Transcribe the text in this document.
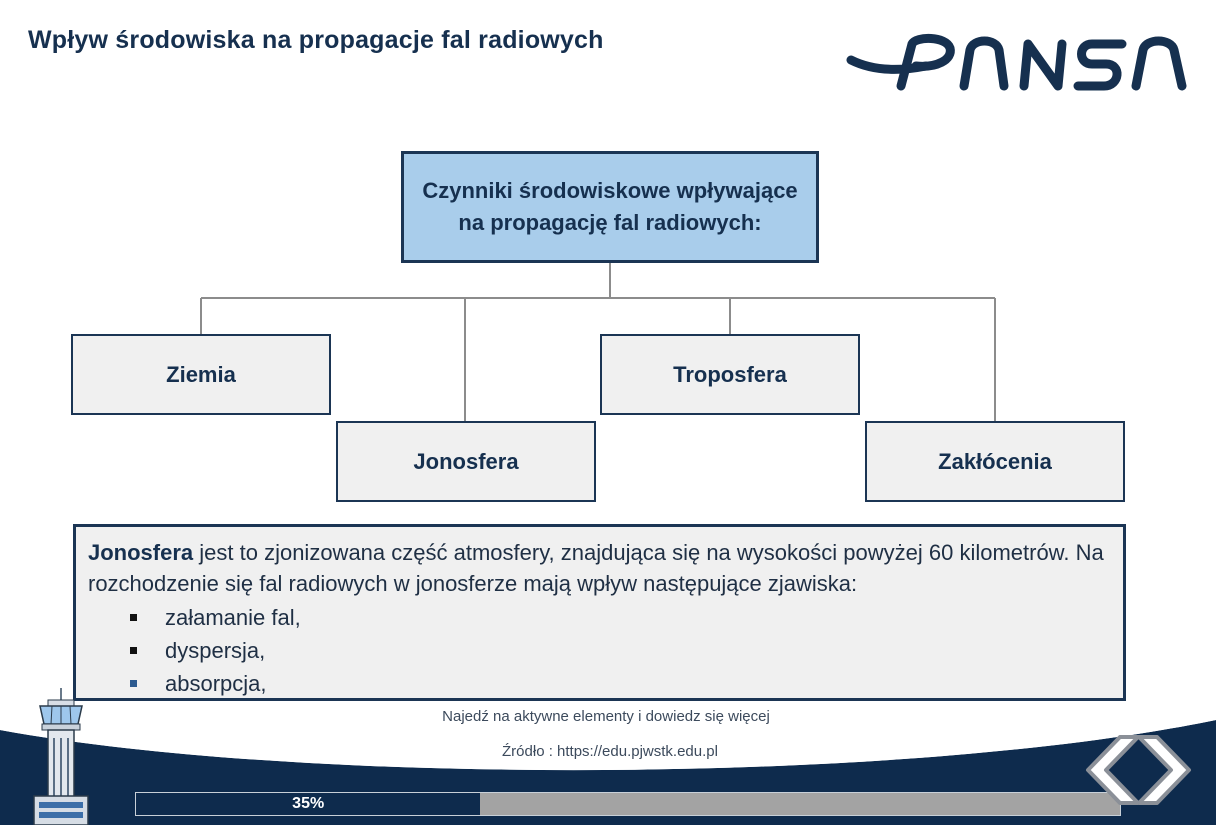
Wpływ środowiska na propagacje fal radiowych
Czynniki środowiskowe wpływające na propagację fal radiowych:
Ziemia
Jonosfera
Troposfera
Zakłócenia
Jonosfera jest to zjonizowana część atmosfery, znajdująca się na wysokości powyżej 60 kilometrów. Na rozchodzenie się fal radiowych w jonosferze mają wpływ następujące zjawiska:
załamanie fal,
dyspersja,
absorpcja,
Najedź na aktywne elementy i dowiedz się więcej
Źródło : https://edu.pjwstk.edu.pl
35%
